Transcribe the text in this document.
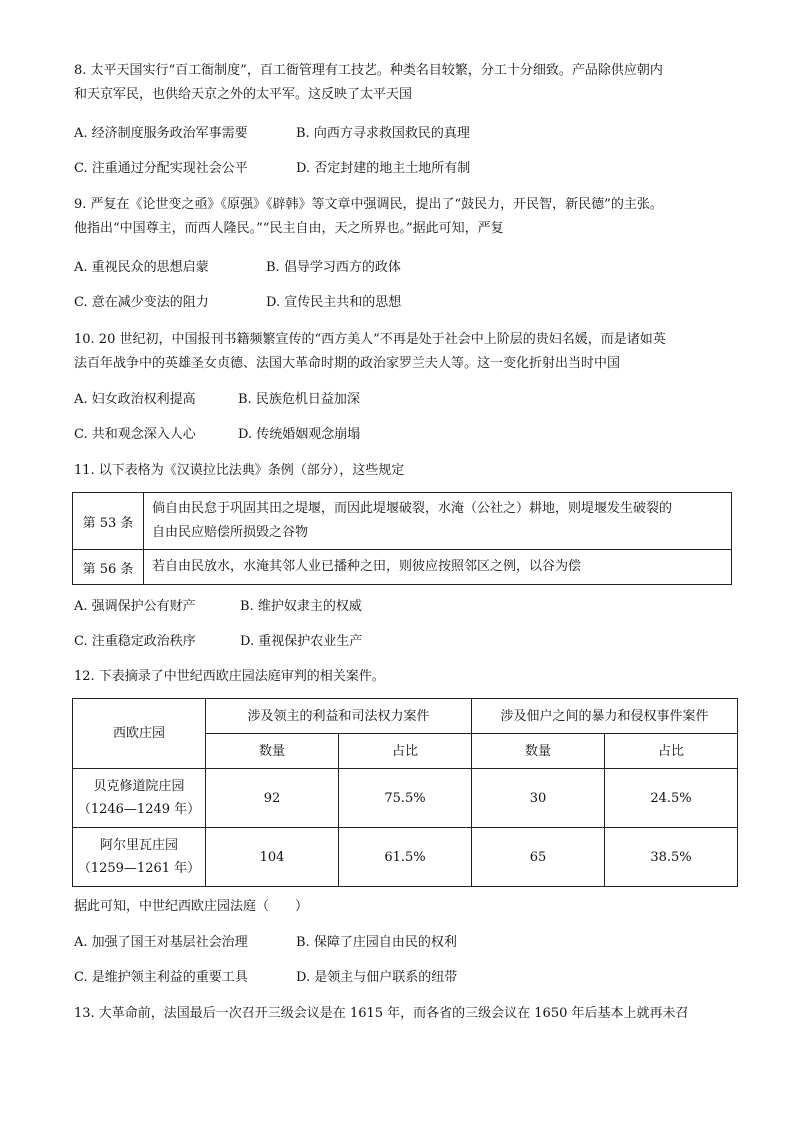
8. 太平天国实行“百工衙制度”，百工衙管理有工技艺。种类名目较繁，分工十分细致。产品除供应朝内
和天京军民，也供给天京之外的太平军。这反映了太平天国
A. 经济制度服务政治军事需要	B. 向西方寻求救国救民的真理
C. 注重通过分配实现社会公平	D. 否定封建的地主土地所有制
9. 严复在《论世变之亟》《原强》《辟韩》等文章中强调民，提出了“鼓民力，开民智，新民德”的主张。
他指出“中国尊主，而西人隆民。”“民主自由，天之所界也。”据此可知，严复
A. 重视民众的思想启蒙	B. 倡导学习西方的政体
C. 意在减少变法的阻力	D. 宣传民主共和的思想
10. 20 世纪初，中国报刊书籍频繁宣传的“西方美人”不再是处于社会中上阶层的贵妇名媛，而是诸如英
法百年战争中的英雄圣女贞德、法国大革命时期的政治家罗兰夫人等。这一变化折射出当时中国
A. 妇女政治权利提高	B. 民族危机日益加深
C. 共和观念深入人心	D. 传统婚姻观念崩塌
11. 以下表格为《汉谟拉比法典》条例（部分），这些规定
第 53 条	倘自由民怠于巩固其田之堤堰，而因此堤堰破裂，水淹（公社之）耕地，则堤堰发生破裂的
自由民应赔偿所损毁之谷物

第 56 条	若自由民放水，水淹其邻人业已播种之田，则彼应按照邻区之例，以谷为偿
A. 强调保护公有财产	B. 维护奴隶主的权威
C. 注重稳定政治秩序	D. 重视保护农业生产
12. 下表摘录了中世纪西欧庄园法庭审判的相关案件。
西欧庄园	涉及领主的利益和司法权力案件		涉及佃户之间的暴力和侵权事件案件	
	数量	占比	数量	占比

贝克修道院庄园
（1246—1249 年）	92	75.5%	30	24.5%

阿尔里瓦庄园
（1259—1261 年）	104	61.5%	65	38.5%
据此可知，中世纪西欧庄园法庭（　　）
A. 加强了国王对基层社会治理	B. 保障了庄园自由民的权利
C. 是维护领主利益的重要工具	D. 是领主与佃户联系的纽带
13. 大革命前，法国最后一次召开三级会议是在 1615 年，而各省的三级会议在 1650 年后基本上就再未召
